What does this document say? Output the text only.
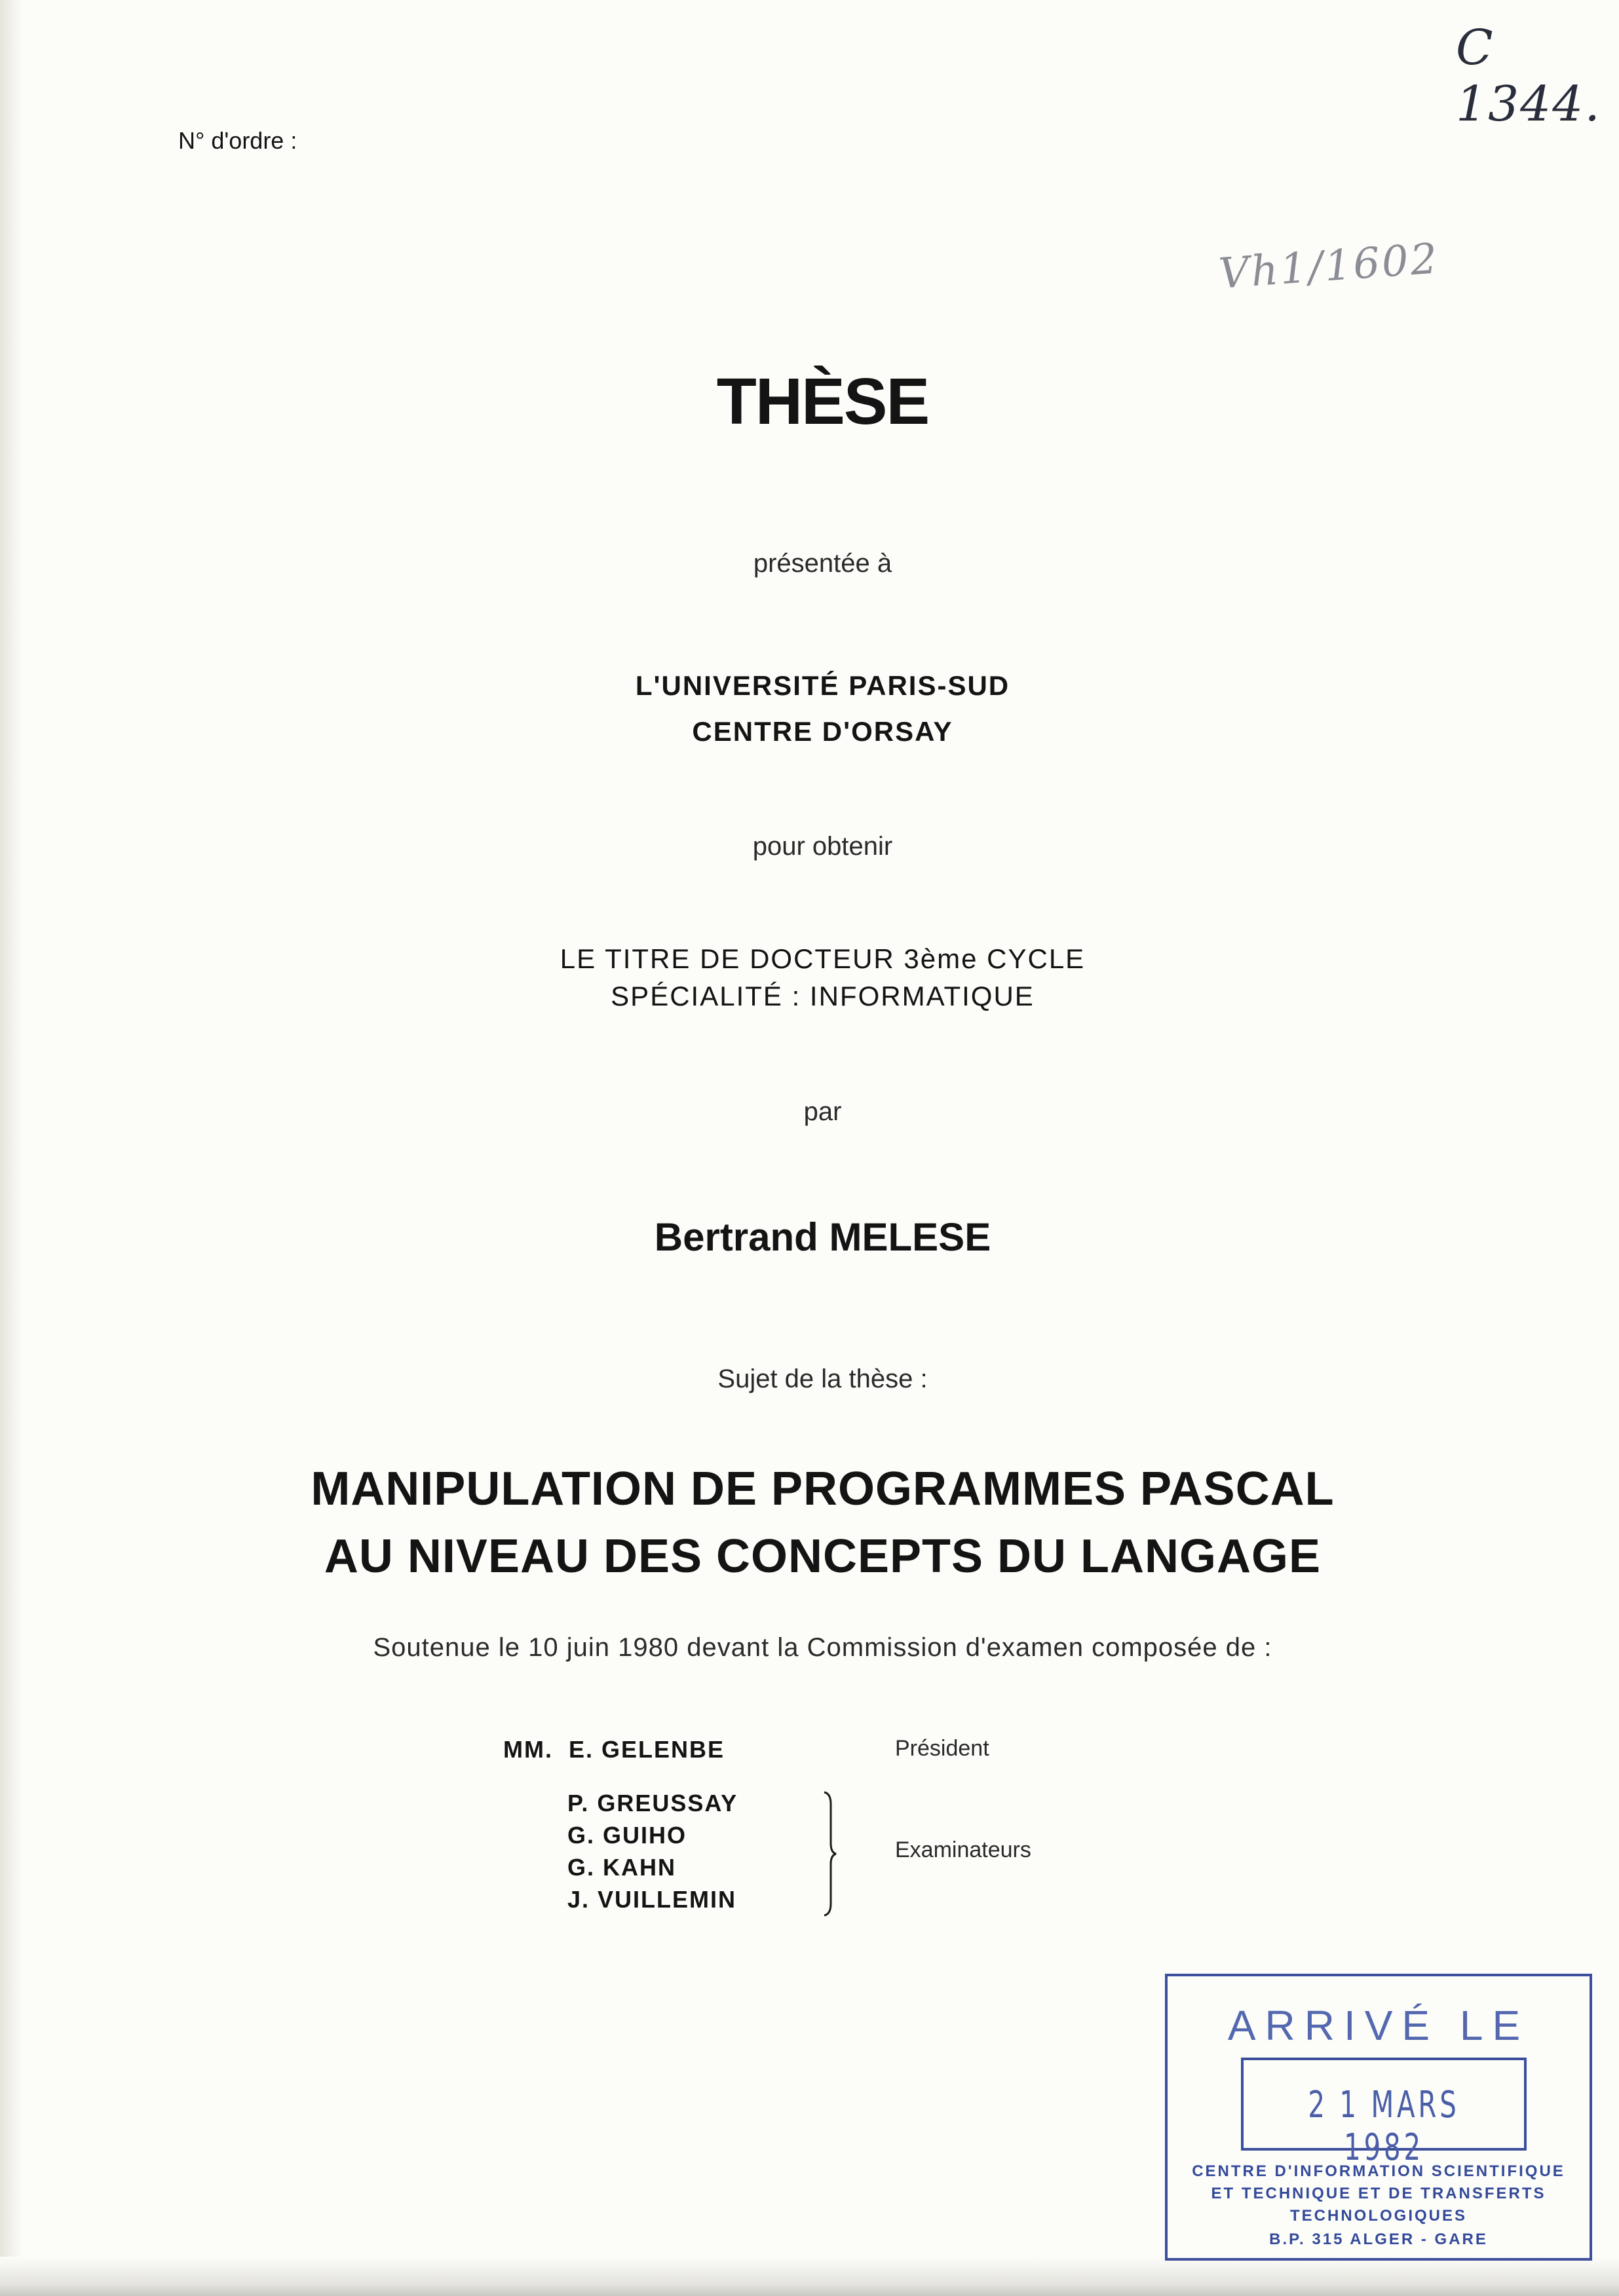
C 1344.
Vh1/1602
N° d'ordre :
THÈSE
présentée à
L'UNIVERSITÉ PARIS-SUD
CENTRE D'ORSAY
pour obtenir
LE TITRE DE DOCTEUR 3ème CYCLE
SPÉCIALITÉ : INFORMATIQUE
par
Bertrand MELESE
Sujet de la thèse :
MANIPULATION DE PROGRAMMES PASCAL
AU NIVEAU DES CONCEPTS DU LANGAGE
Soutenue le 10 juin 1980 devant la Commission d'examen composée de :
MM. E. GELENBE	Président
P. GREUSSAY
G. GUIHO
G. KAHN
J. VUILLEMIN
Examinateurs
ARRIVÉ LE
2 1 MARS 1982
CENTRE D'INFORMATION SCIENTIFIQUE
ET TECHNIQUE ET DE TRANSFERTS
TECHNOLOGIQUES
B.P. 315 ALGER - GARE
